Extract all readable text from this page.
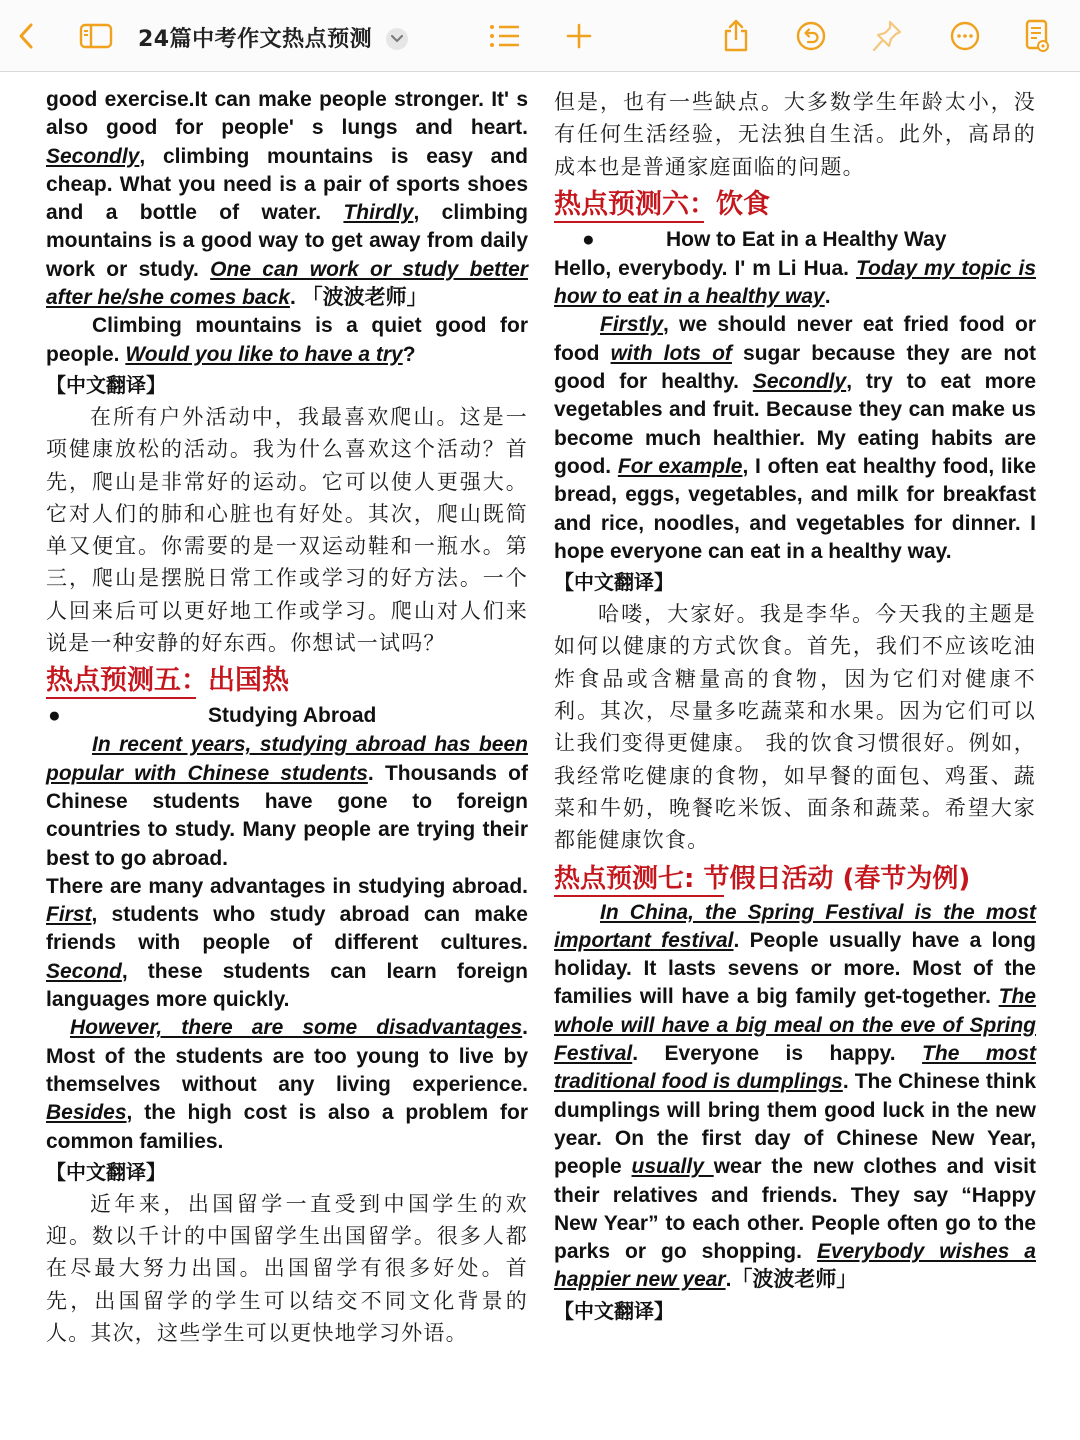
24篇中考作文热点预测
good exercise.It can make people stronger. It' s also good for people' s lungs and heart. Secondly, climbing mountains is easy and cheap. What you need is a pair of sports shoes and a bottle of water. Thirdly, climbing mountains is a good way to get away from daily work or study. One can work or study better after he/she comes back. 「波波老师」
Climbing mountains is a quiet good for people. Would you like to have a try?
【中文翻译】
在所有户外活动中，我最喜欢爬山。这是一项健康放松的活动。我为什么喜欢这个活动？首先，爬山是非常好的运动。它可以使人更强大。它对人们的肺和心脏也有好处。其次，爬山既简单又便宜。你需要的是一双运动鞋和一瓶水。第三，爬山是摆脱日常工作或学习的好方法。一个人回来后可以更好地工作或学习。爬山对人们来说是一种安静的好东西。你想试一试吗？
热点预测五：出国热
●	Studying Abroad
In recent years, studying abroad has been popular with Chinese students. Thousands of Chinese students have gone to foreign countries to study. Many people are trying their best to go abroad.
There are many advantages in studying abroad. First, students who study abroad can make friends with people of different cultures. Second, these students can learn foreign languages more quickly.
However, there are some disadvantages. Most of the students are too young to live by themselves without any living experience. Besides, the high cost is also a problem for common families.
【中文翻译】
近年来，出国留学一直受到中国学生的欢迎。数以千计的中国留学生出国留学。很多人都在尽最大努力出国。出国留学有很多好处。首先，出国留学的学生可以结交不同文化背景的人。其次，这些学生可以更快地学习外语。
但是，也有一些缺点。大多数学生年龄太小，没有任何生活经验，无法独自生活。此外，高昂的成本也是普通家庭面临的问题。
热点预测六：饮食
●	How to Eat in a Healthy Way
Hello, everybody. I' m Li Hua. Today my topic is how to eat in a healthy way.
Firstly, we should never eat fried food or food with lots of sugar because they are not good for healthy. Secondly, try to eat more vegetables and fruit. Because they can make us become much healthier. My eating habits are good. For example, I often eat healthy food, like bread, eggs, vegetables, and milk for breakfast and rice, noodles, and vegetables for dinner. I hope everyone can eat in a healthy way.
【中文翻译】
哈喽，大家好。我是李华。今天我的主题是如何以健康的方式饮食。首先，我们不应该吃油炸食品或含糖量高的食物，因为它们对健康不利。其次，尽量多吃蔬菜和水果。因为它们可以让我们变得更健康。 我的饮食习惯很好。例如，我经常吃健康的食物，如早餐的面包、鸡蛋、蔬菜和牛奶，晚餐吃米饭、面条和蔬菜。希望大家都能健康饮食。
热点预测七: 节假日活动 (春节为例)
In China, the Spring Festival is the most important festival. People usually have a long holiday. It lasts sevens or more. Most of the families will have a big family get-together. The whole will have a big meal on the eve of Spring Festival. Everyone is happy. The most traditional food is dumplings. The Chinese think dumplings will bring them good luck in the new year. On the first day of Chinese New Year, people usually wear the new clothes and visit their relatives and friends. They say “Happy New Year” to each other. People often go to the parks or go shopping. Everybody wishes a happier new year.「波波老师」
【中文翻译】
